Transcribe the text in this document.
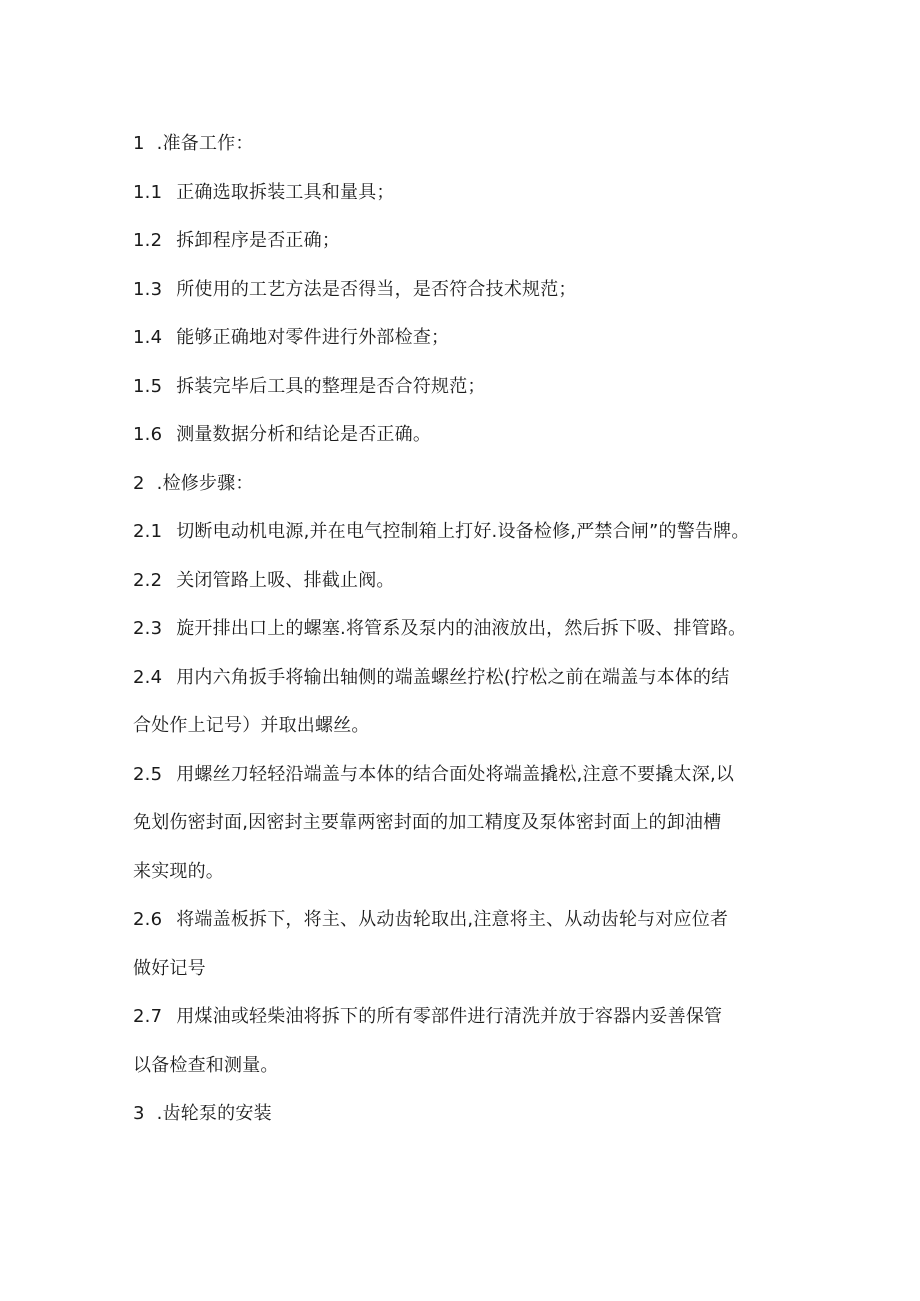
1 .准备工作：
1.1 正确选取拆装工具和量具；
1.2 拆卸程序是否正确；
1.3 所使用的工艺方法是否得当，是否符合技术规范；
1.4 能够正确地对零件进行外部检查；
1.5 拆装完毕后工具的整理是否合符规范；
1.6 测量数据分析和结论是否正确。
2 .检修步骤：
2.1 切断电动机电源,并在电气控制箱上打好.设备检修,严禁合闸”的警告牌。
2.2 关闭管路上吸、排截止阀。
2.3 旋开排出口上的螺塞.将管系及泵内的油液放出，然后拆下吸、排管路。
2.4 用内六角扳手将输出轴侧的端盖螺丝拧松(拧松之前在端盖与本体的结
合处作上记号）并取出螺丝。
2.5 用螺丝刀轻轻沿端盖与本体的结合面处将端盖撬松,注意不要撬太深,以
免划伤密封面,因密封主要靠两密封面的加工精度及泵体密封面上的卸油槽
来实现的。
2.6 将端盖板拆下，将主、从动齿轮取出,注意将主、从动齿轮与对应位者
做好记号
2.7 用煤油或轻柴油将拆下的所有零部件进行清洗并放于容器内妥善保管
以备检查和测量。
3 .齿轮泵的安装
